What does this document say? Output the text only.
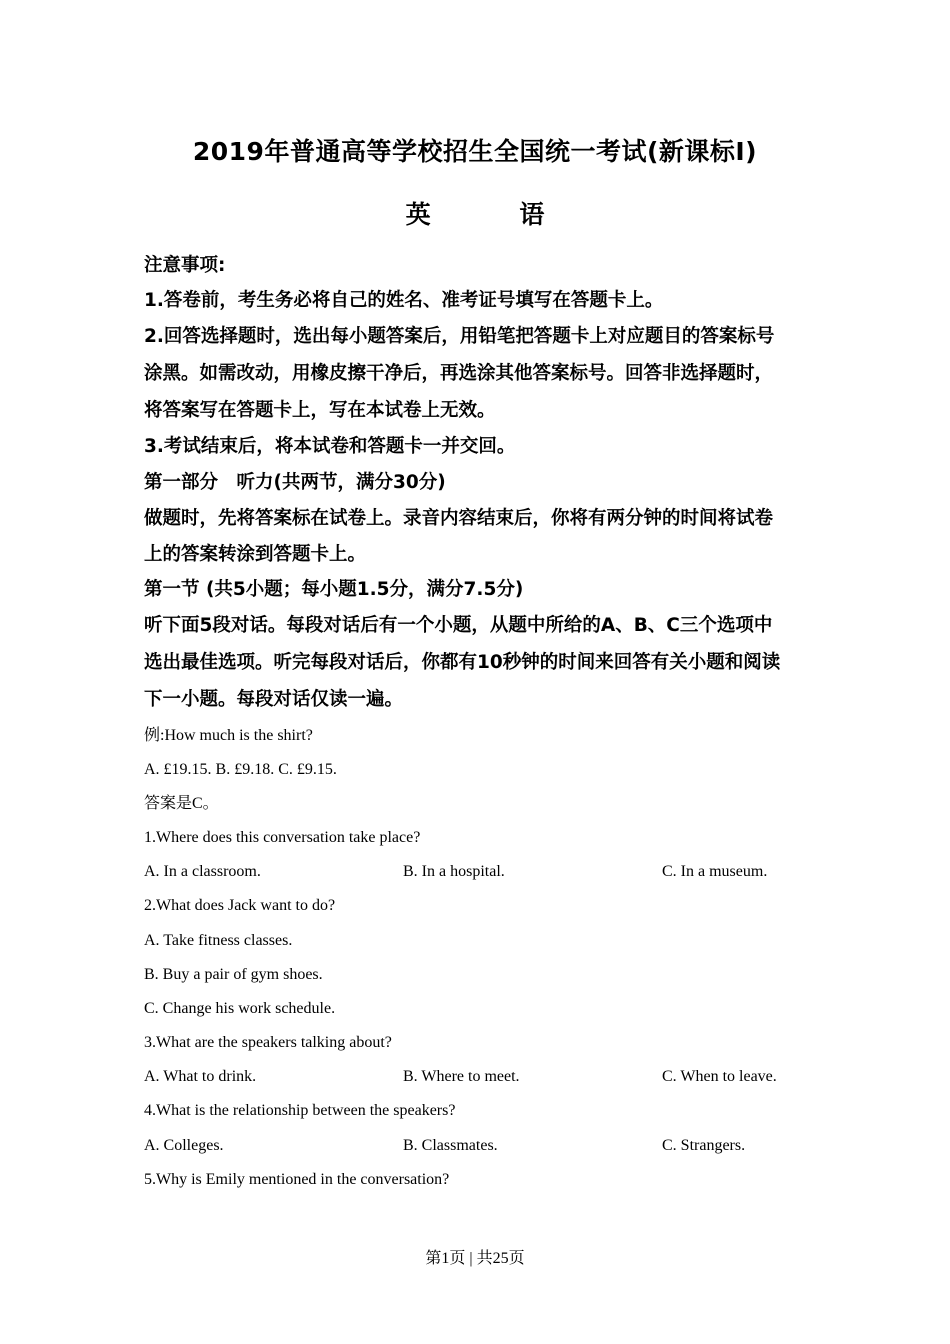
2019年普通高等学校招生全国统一考试(新课标Ⅰ)
英 语
注意事项:
1.答卷前，考生务必将自己的姓名、准考证号填写在答题卡上。
2.回答选择题时，选出每小题答案后，用铅笔把答题卡上对应题目的答案标号
涂黑。如需改动，用橡皮擦干净后，再选涂其他答案标号。回答非选择题时，
将答案写在答题卡上，写在本试卷上无效。
3.考试结束后，将本试卷和答题卡一并交回。
第一部分　听力(共两节，满分30分)
做题时，先将答案标在试卷上。录音内容结束后，你将有两分钟的时间将试卷
上的答案转涂到答题卡上。
第一节 (共5小题；每小题1.5分，满分7.5分)
听下面5段对话。每段对话后有一个小题，从题中所给的A、B、C三个选项中
选出最佳选项。听完每段对话后，你都有10秒钟的时间来回答有关小题和阅读
下一小题。每段对话仅读一遍。
例:How much is the shirt?
A. £19.15. B. £9.18. C. £9.15.
答案是C。
1.Where does this conversation take place?
A. In a classroom.	B. In a hospital.	C. In a museum.
2.What does Jack want to do?
A. Take fitness classes.
B. Buy a pair of gym shoes.
C. Change his work schedule.
3.What are the speakers talking about?
A. What to drink.	B. Where to meet.	C. When to leave.
4.What is the relationship between the speakers?
A. Colleges.	B. Classmates.	C. Strangers.
5.Why is Emily mentioned in the conversation?
第1页 | 共25页
